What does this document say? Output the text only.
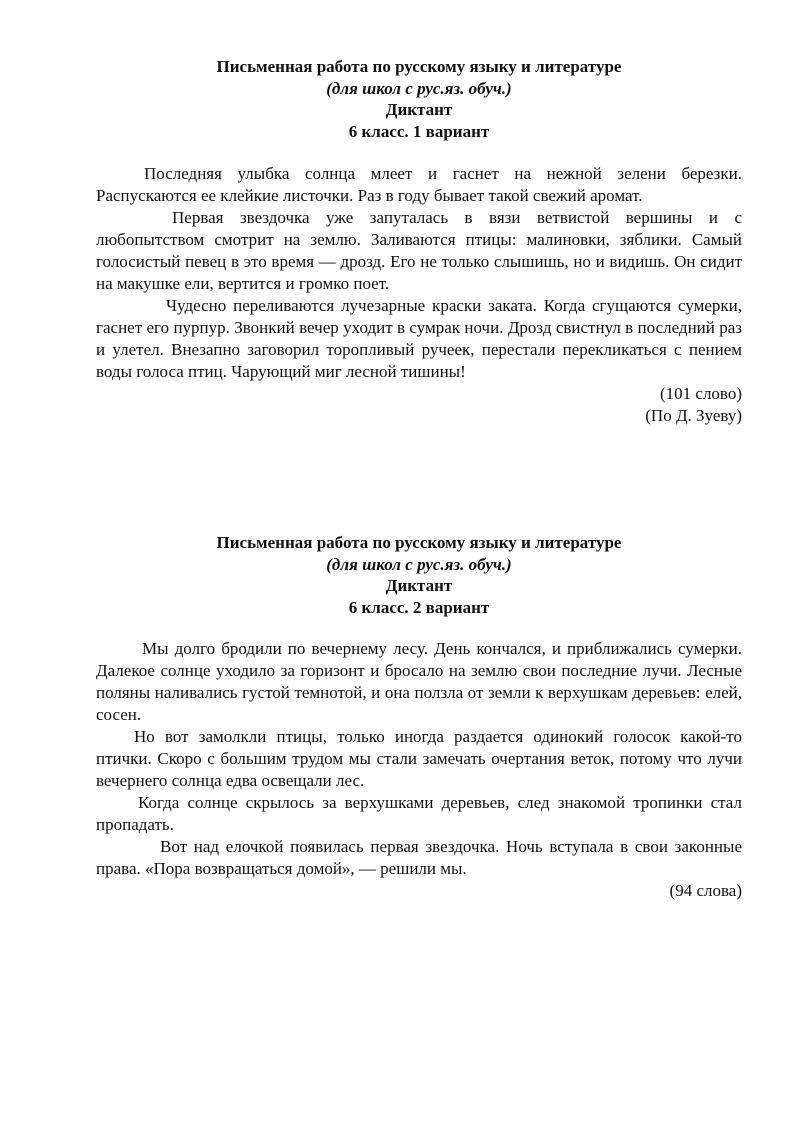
Письменная работа по русскому языку и литературе
(для школ с рус.яз. обуч.)
Диктант
6 класс. 1 вариант

Последняя улыбка солнца млеет и гаснет на нежной зелени березки. Распускаются ее клейкие листочки. Раз в году бывает такой свежий аромат.

Первая звездочка уже запуталась в вязи ветвистой вершины и с любопытством смотрит на землю. Заливаются птицы: малиновки, зяблики. Самый голосистый певец в это время — дрозд. Его не только слышишь, но и видишь. Он сидит на макушке ели, вертится и громко поет.

Чудесно переливаются лучезарные краски заката. Когда сгущаются сумерки, гаснет его пурпур. Звонкий вечер уходит в сумрак ночи. Дрозд свистнул в последний раз и улетел. Внезапно заговорил торопливый ручеек, перестали перекликаться с пением воды голоса птиц. Чарующий миг лесной тишины!

(101 слово)

(По Д. Зуеву)

Письменная работа по русскому языку и литературе
(для школ с рус.яз. обуч.)
Диктант
6 класс. 2 вариант

Мы долго бродили по вечернему лесу. День кончался, и приближались сумерки. Далекое солнце уходило за горизонт и бросало на землю свои последние лучи. Лесные поляны наливались густой темнотой, и она ползла от земли к верхушкам деревьев: елей, сосен.

Но вот замолкли птицы, только иногда раздается одинокий голосок какой-то птички. Скоро с большим трудом мы стали замечать очертания веток, потому что лучи вечернего солнца едва освещали лес.

Когда солнце скрылось за верхушками деревьев, след знакомой тропинки стал пропадать.

Вот над елочкой появилась первая звездочка. Ночь вступала в свои законные права. «Пора возвращаться домой», — решили мы.

(94 слова)
